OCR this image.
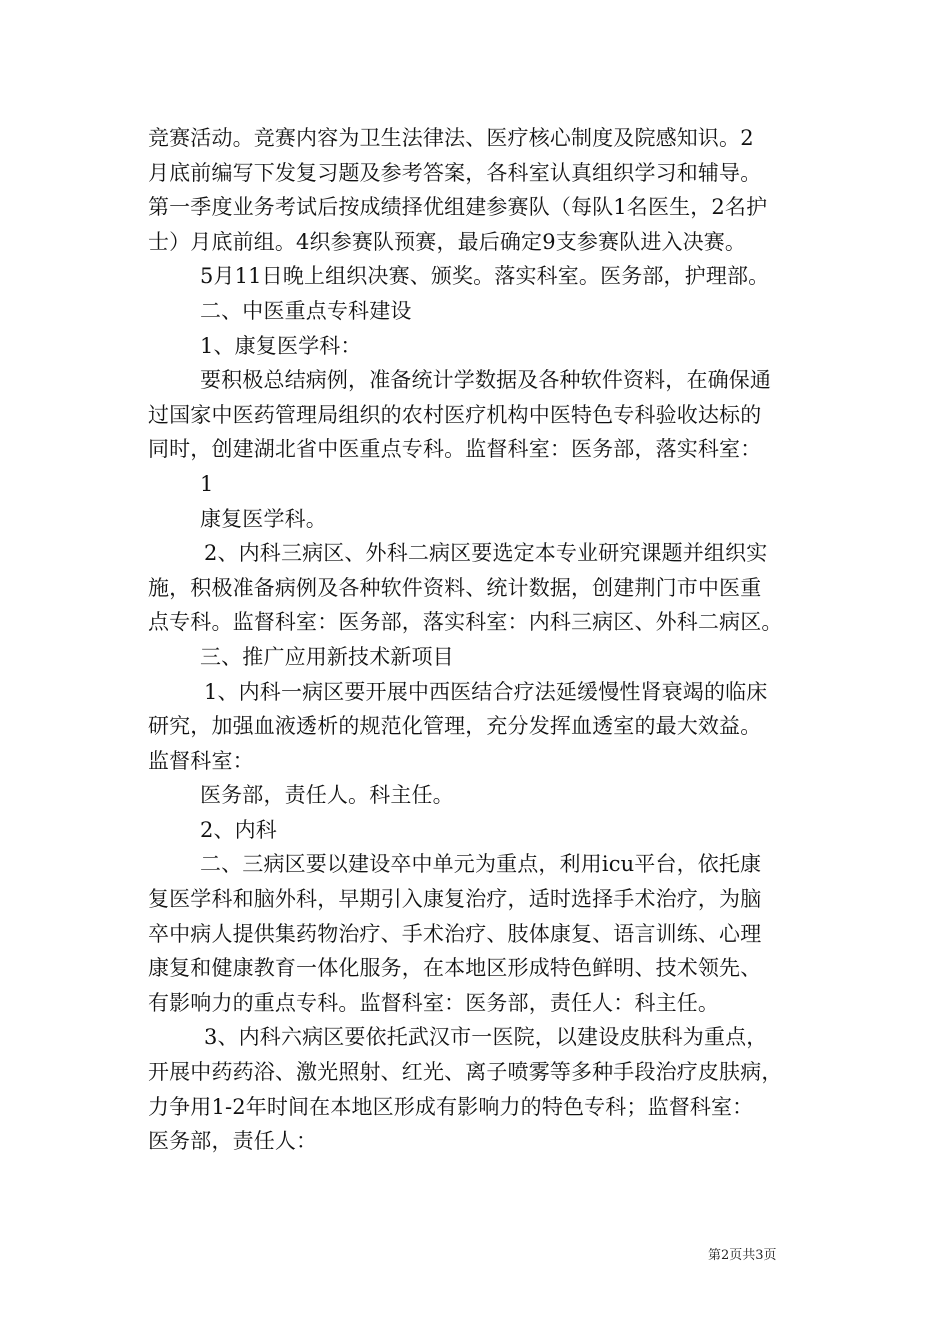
竞赛活动。竞赛内容为卫生法律法、医疗核心制度及院感知识。2
月底前编写下发复习题及参考答案，各科室认真组织学习和辅导。
第一季度业务考试后按成绩择优组建参赛队（每队1名医生，2名护
士）月底前组。4织参赛队预赛，最后确定9支参赛队进入决赛。
5月11日晚上组织决赛、颁奖。落实科室。医务部，护理部。
二、中医重点专科建设
1、康复医学科：
要积极总结病例，准备统计学数据及各种软件资料，在确保通
过国家中医药管理局组织的农村医疗机构中医特色专科验收达标的
同时，创建湖北省中医重点专科。监督科室：医务部，落实科室：
1
康复医学科。
2、内科三病区、外科二病区要选定本专业研究课题并组织实
施，积极准备病例及各种软件资料、统计数据，创建荆门市中医重
点专科。监督科室：医务部，落实科室：内科三病区、外科二病区。
三、推广应用新技术新项目
1、内科一病区要开展中西医结合疗法延缓慢性肾衰竭的临床
研究，加强血液透析的规范化管理，充分发挥血透室的最大效益。
监督科室：
医务部，责任人。科主任。
2、内科
二、三病区要以建设卒中单元为重点，利用icu平台，依托康
复医学科和脑外科，早期引入康复治疗，适时选择手术治疗，为脑
卒中病人提供集药物治疗、手术治疗、肢体康复、语言训练、心理
康复和健康教育一体化服务，在本地区形成特色鲜明、技术领先、
有影响力的重点专科。监督科室：医务部，责任人：科主任。
3、内科六病区要依托武汉市一医院，以建设皮肤科为重点，
开展中药药浴、激光照射、红光、离子喷雾等多种手段治疗皮肤病，
力争用1-2年时间在本地区形成有影响力的特色专科；监督科室：
医务部，责任人：
第2页共3页
